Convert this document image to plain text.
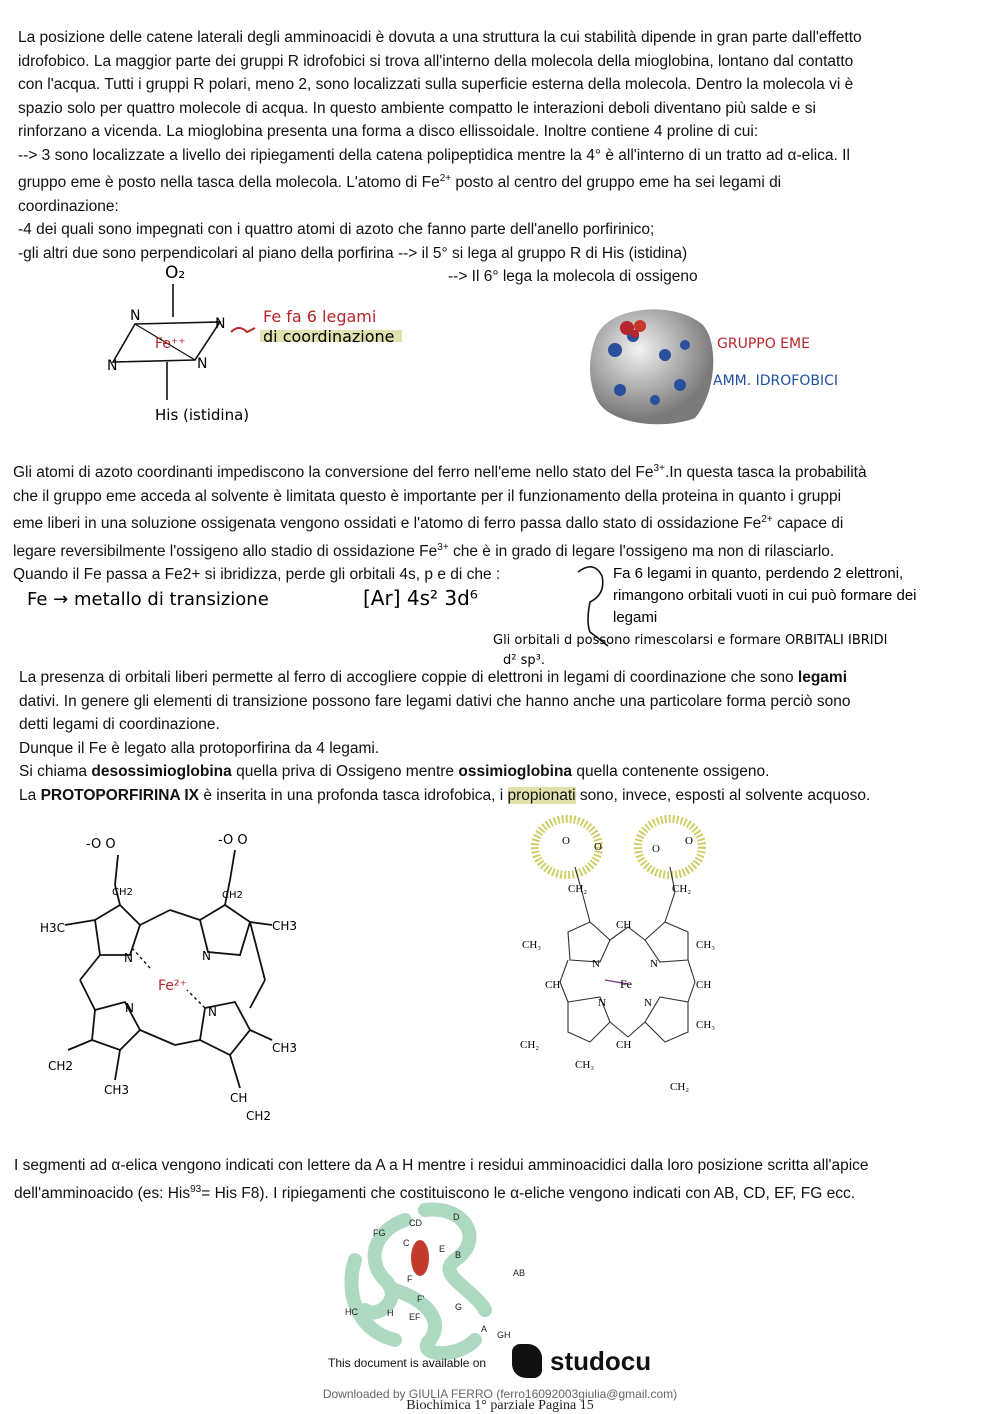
La posizione delle catene laterali degli amminoacidi è dovuta a una struttura la cui stabilità dipende in gran parte dall'effetto

idrofobico. La maggior parte dei gruppi R idrofobici si trova all'interno della molecola della mioglobina, lontano dal contatto

con l'acqua. Tutti i gruppi R polari, meno 2, sono localizzati sulla superficie esterna della molecola. Dentro la molecola vi è

spazio solo per quattro molecole di acqua. In questo ambiente compatto le interazioni deboli diventano più salde e si

rinforzano a vicenda. La mioglobina presenta una forma a disco ellissoidale. Inoltre contiene 4 proline di cui:

--> 3 sono localizzate a livello dei ripiegamenti della catena polipeptidica mentre la 4° è all'interno di un tratto ad α-elica. Il

gruppo eme è posto nella tasca della molecola. L'atomo di $Fe^{2+}$ posto al centro del gruppo eme ha sei legami di

coordinazione:

-4 dei quali sono impegnati con i quattro atomi di azoto che fanno parte dell'anello porfirinico;

-gli altri due sono perpendicolari al piano della porfirina --> il 5° si lega al gruppo R di His (istidina)

--> Il 6° lega la molecola di ossigeno

O₂
N	N
N	N
Fe⁺⁺
His (istidina)
Fe fa 6 legami
di coordinazione	GRUPPO EME
AMM. IDROFOBICI

Gli atomi di azoto coordinanti impediscono la conversione del ferro nell'eme nello stato del $Fe^{3+}.In$ questa tasca la probabilità

che il gruppo eme acceda al solvente è limitata questo è importante per il funzionamento della proteina in quanto i gruppi

eme liberi in una soluzione ossigenata vengono ossidati e l'atomo di ferro passa dallo stato di ossidazione $Fe^{2+}$ capace di

legare reversibilmente l'ossigeno allo stadio di ossidazione $Fe^{3+}$ che è in grado di legare l'ossigeno ma non di rilasciarlo.

Quando il Fe passa a Fe2+ si ibridizza, perde gli orbitali 4s, p e di che :

Fe → metallo di transizione	[Ar] 4s² 3d⁶
Fa 6 legami in quanto, perdendo 2 elettroni,
rimangono orbitali vuoti in cui può formare dei
legami
Gli orbitali d possono rimescolarsi e formare ORBITALI IBRIDI
d² sp³.

La presenza di orbitali liberi permette al ferro di accogliere coppie di elettroni in legami di coordinazione che sono legami

dativi. In genere gli elementi di transizione possono fare legami dativi che hanno anche una particolare forma perciò sono

detti legami di coordinazione.

Dunque il Fe è legato alla protoporfirina da 4 legami.

Si chiama desossimioglobina quella priva di Ossigeno mentre ossimioglobina quella contenente ossigeno.

La PROTOPORFIRINA IX è inserita in una profonda tasca idrofobica, i propionati sono, invece, esposti al solvente acquoso.

-O O	-O O
CH2	CH2
H3C	CH3
N	N
N	N
Fe²⁺
CH3
CH3
CH
CH2
CH2
O O	O
O
CH₂	CH₂
CH
CH₃	CH₃
N	N
Fe
N	N
CH	CH
CH
CH₃
CH₃
CH₂
CH₂

I segmenti ad α-elica vengono indicati con lettere da A a H mentre i residui amminoacidici dalla loro posizione scritta all'apice

dell'amminoacido (es: His$^{93}$= His F8). I ripiegamenti che costituiscono le α-eliche vengono indicati con AB, CD, EF, FG ecc.

CD
D
FG
C
E
B
AB
F
HC	H
F'
EF
A
GH
G
This document is available on studocu
Downloaded by GIULIA FERRO (ferro16092003giulia@gmail.com)
Biochimica 1° parziale Pagina 15
